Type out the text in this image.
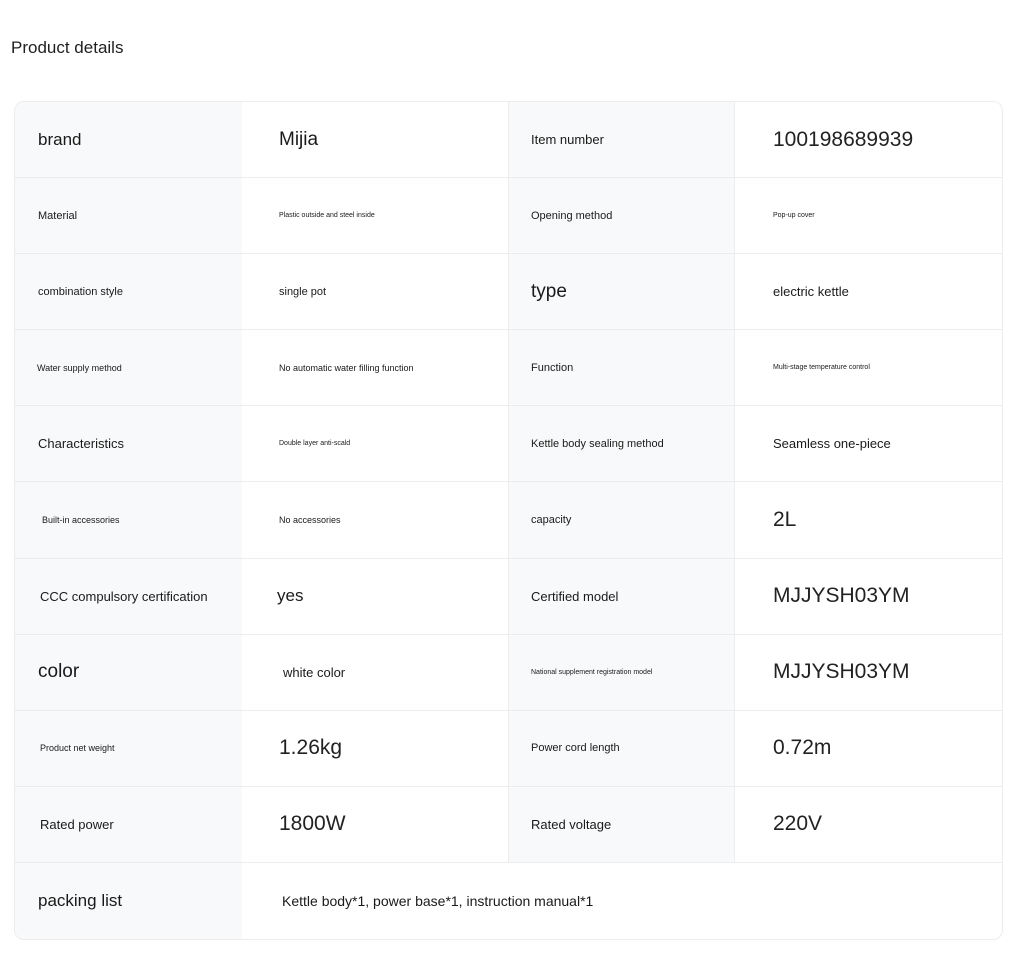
Product details
brand	Mijia	Item number	100198689939
Material	Plastic outside and steel inside	Opening method	Pop-up cover
combination style	single pot	type	electric kettle
Water supply method	No automatic water filling function	Function	Multi-stage temperature control
Characteristics	Double layer anti-scald	Kettle body sealing method	Seamless one-piece
Built-in accessories	No accessories	capacity	2L
CCC compulsory certification	yes	Certified model	MJJYSH03YM
color	white color	National supplement registration model	MJJYSH03YM
Product net weight	1.26kg	Power cord length	0.72m
Rated power	1800W	Rated voltage	220V
packing list	Kettle body*1, power base*1, instruction manual*1
